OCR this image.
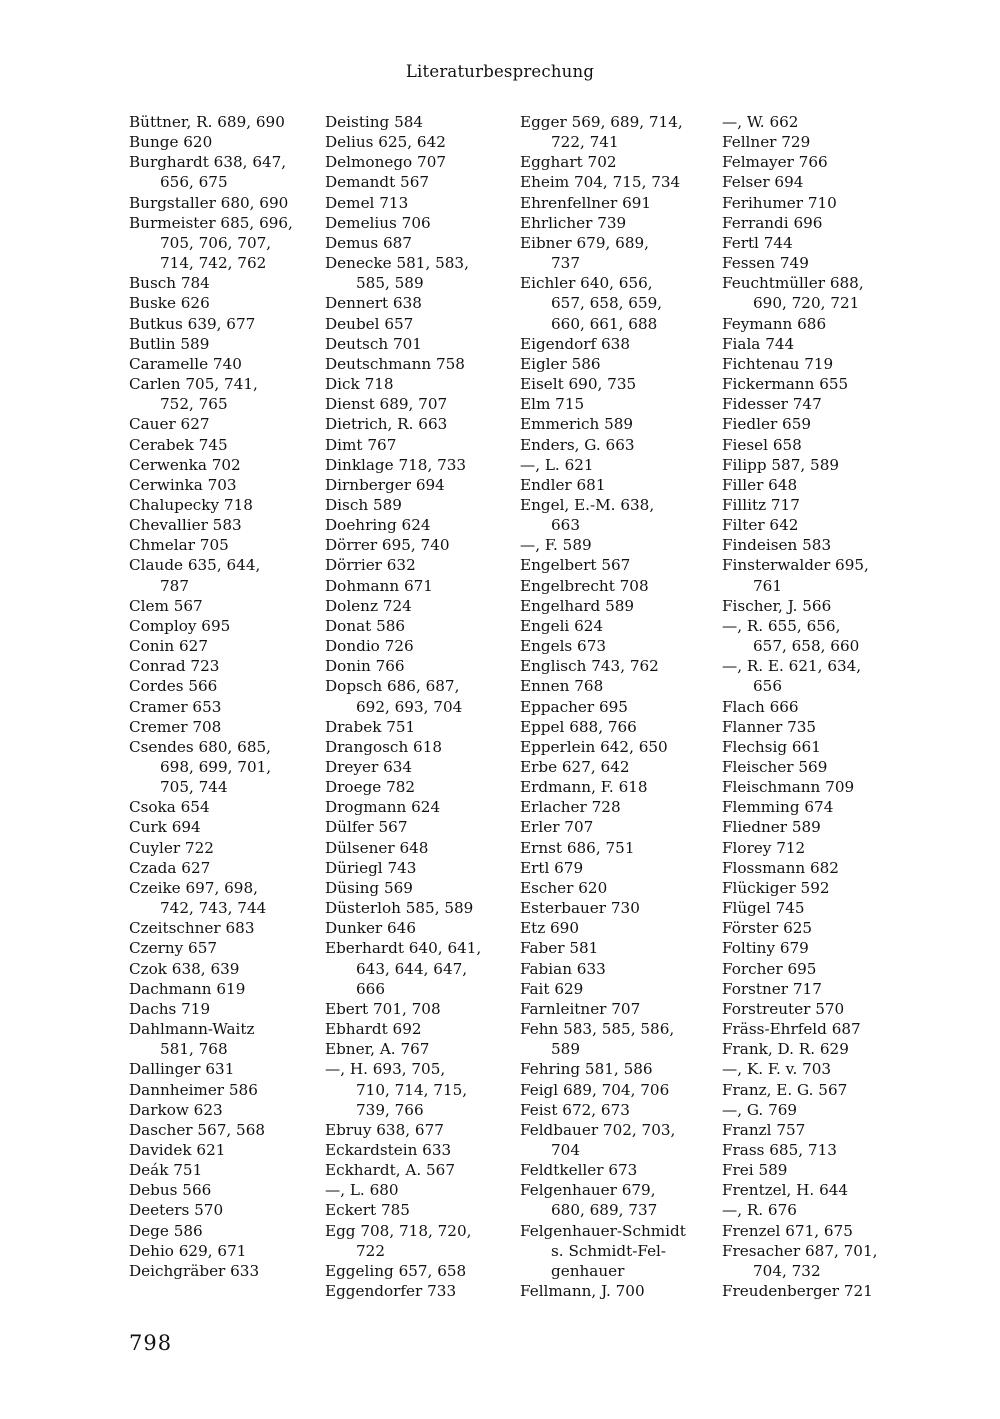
Literaturbesprechung
Büttner, R. 689, 690
Bunge 620
Burghardt 638, 647,
656, 675
Burgstaller 680, 690
Burmeister 685, 696,
705, 706, 707,
714, 742, 762
Busch 784
Buske 626
Butkus 639, 677
Butlin 589
Caramelle 740
Carlen 705, 741,
752, 765
Cauer 627
Cerabek 745
Cerwenka 702
Cerwinka 703
Chalupecky 718
Chevallier 583
Chmelar 705
Claude 635, 644,
787
Clem 567
Comploy 695
Conin 627
Conrad 723
Cordes 566
Cramer 653
Cremer 708
Csendes 680, 685,
698, 699, 701,
705, 744
Csoka 654
Curk 694
Cuyler 722
Czada 627
Czeike 697, 698,
742, 743, 744
Czeitschner 683
Czerny 657
Czok 638, 639
Dachmann 619
Dachs 719
Dahlmann-Waitz
581, 768
Dallinger 631
Dannheimer 586
Darkow 623
Dascher 567, 568
Davidek 621
Deák 751
Debus 566
Deeters 570
Dege 586
Dehio 629, 671
Deichgräber 633
Deisting 584
Delius 625, 642
Delmonego 707
Demandt 567
Demel 713
Demelius 706
Demus 687
Denecke 581, 583,
585, 589
Dennert 638
Deubel 657
Deutsch 701
Deutschmann 758
Dick 718
Dienst 689, 707
Dietrich, R. 663
Dimt 767
Dinklage 718, 733
Dirnberger 694
Disch 589
Doehring 624
Dörrer 695, 740
Dörrier 632
Dohmann 671
Dolenz 724
Donat 586
Dondio 726
Donin 766
Dopsch 686, 687,
692, 693, 704
Drabek 751
Drangosch 618
Dreyer 634
Droege 782
Drogmann 624
Dülfer 567
Dülsener 648
Düriegl 743
Düsing 569
Düsterloh 585, 589
Dunker 646
Eberhardt 640, 641,
643, 644, 647,
666
Ebert 701, 708
Ebhardt 692
Ebner, A. 767
—, H. 693, 705,
710, 714, 715,
739, 766
Ebruy 638, 677
Eckardstein 633
Eckhardt, A. 567
—, L. 680
Eckert 785
Egg 708, 718, 720,
722
Eggeling 657, 658
Eggendorfer 733
Egger 569, 689, 714,
722, 741
Egghart 702
Eheim 704, 715, 734
Ehrenfellner 691
Ehrlicher 739
Eibner 679, 689,
737
Eichler 640, 656,
657, 658, 659,
660, 661, 688
Eigendorf 638
Eigler 586
Eiselt 690, 735
Elm 715
Emmerich 589
Enders, G. 663
—, L. 621
Endler 681
Engel, E.-M. 638,
663
—, F. 589
Engelbert 567
Engelbrecht 708
Engelhard 589
Engeli 624
Engels 673
Englisch 743, 762
Ennen 768
Eppacher 695
Eppel 688, 766
Epperlein 642, 650
Erbe 627, 642
Erdmann, F. 618
Erlacher 728
Erler 707
Ernst 686, 751
Ertl 679
Escher 620
Esterbauer 730
Etz 690
Faber 581
Fabian 633
Fait 629
Farnleitner 707
Fehn 583, 585, 586,
589
Fehring 581, 586
Feigl 689, 704, 706
Feist 672, 673
Feldbauer 702, 703,
704
Feldtkeller 673
Felgenhauer 679,
680, 689, 737
Felgenhauer-Schmidt
s. Schmidt-Fel-
genhauer
Fellmann, J. 700
—, W. 662
Fellner 729
Felmayer 766
Felser 694
Ferihumer 710
Ferrandi 696
Fertl 744
Fessen 749
Feuchtmüller 688,
690, 720, 721
Feymann 686
Fiala 744
Fichtenau 719
Fickermann 655
Fidesser 747
Fiedler 659
Fiesel 658
Filipp 587, 589
Filler 648
Fillitz 717
Filter 642
Findeisen 583
Finsterwalder 695,
761
Fischer, J. 566
—, R. 655, 656,
657, 658, 660
—, R. E. 621, 634,
656
Flach 666
Flanner 735
Flechsig 661
Fleischer 569
Fleischmann 709
Flemming 674
Fliedner 589
Florey 712
Flossmann 682
Flückiger 592
Flügel 745
Förster 625
Foltiny 679
Forcher 695
Forstner 717
Forstreuter 570
Fräss‑Ehrfeld 687
Frank, D. R. 629
—, K. F. v. 703
Franz, E. G. 567
—, G. 769
Franzl 757
Frass 685, 713
Frei 589
Frentzel, H. 644
—, R. 676
Frenzel 671, 675
Fresacher 687, 701,
704, 732
Freudenberger 721
798
